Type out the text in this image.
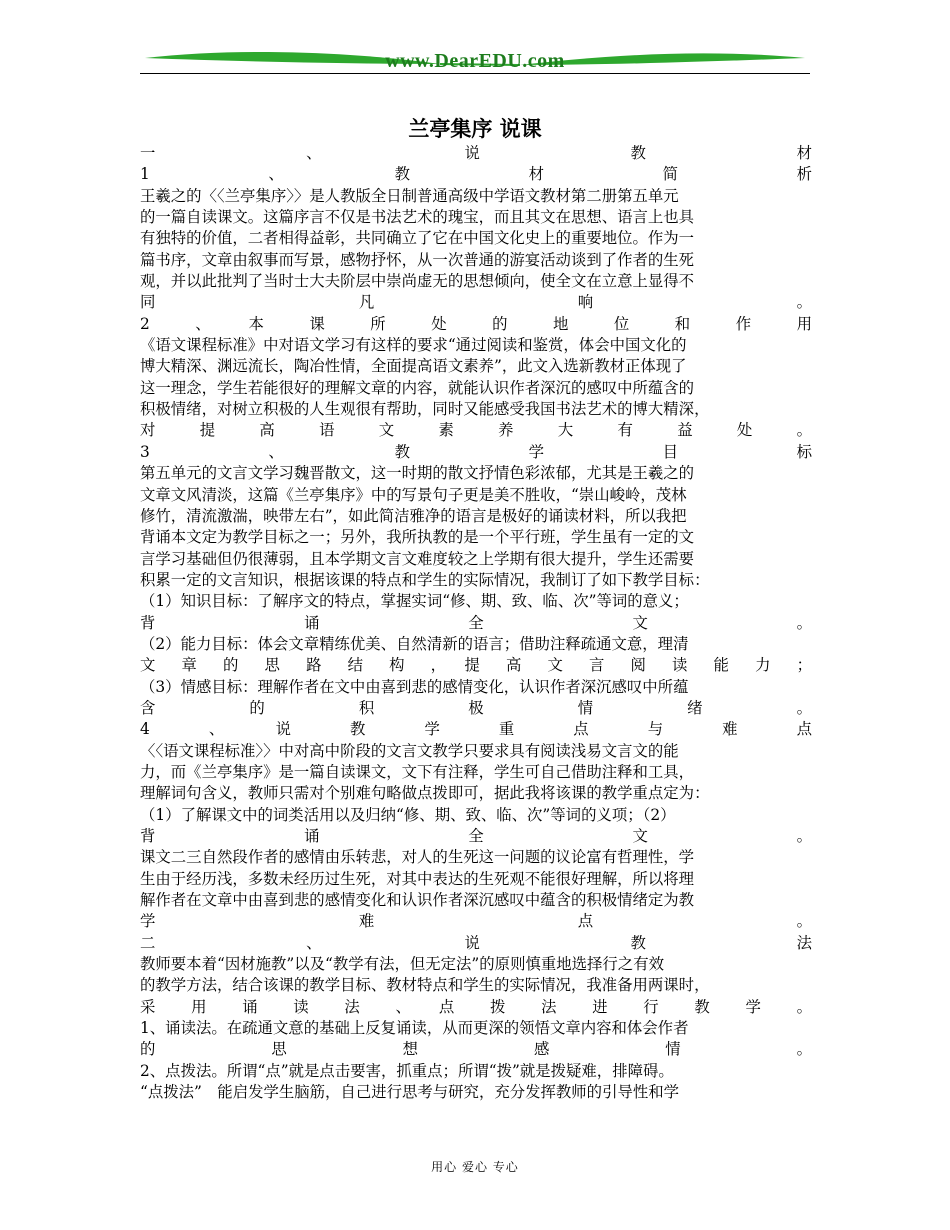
www.DearEDU.com
兰亭集序 说课
一　　　　　、　　　　　说　　　　　教　　　　　材
1　　　　、　　　　教　　　　材　　　　简　　　　析
王羲之的〈〈兰亭集序〉〉是人教版全日制普通高级中学语文教材第二册第五单元
的一篇自读课文。这篇序言不仅是书法艺术的瑰宝，而且其文在思想、语言上也具
有独特的价值，二者相得益彰，共同确立了它在中国文化史上的重要地位。作为一
篇书序，文章由叙事而写景，感物抒怀，从一次普通的游宴活动谈到了作者的生死
观，并以此批判了当时士大夫阶层中崇尚虚无的思想倾向，使全文在立意上显得不
同　　　　　　凡　　　　　　响　　　　　　。
2　、　本　课　所　处　的　地　位　和　作　用
《语文课程标准》中对语文学习有这样的要求“通过阅读和鉴赏，体会中国文化的
博大精深、渊远流长，陶冶性情，全面提高语文素养”，此文入选新教材正体现了
这一理念，学生若能很好的理解文章的内容，就能认识作者深沉的感叹中所蕴含的
积极情绪，对树立积极的人生观很有帮助，同时又能感受我国书法艺术的博大精深，
对　提　高　语　文　素　养　大　有　益　处　。
3　　　　、　　　　教　　　　学　　　　目　　　　标
第五单元的文言文学习魏晋散文，这一时期的散文抒情色彩浓郁，尤其是王羲之的
文章文风清淡，这篇《兰亭集序》中的写景句子更是美不胜收，“崇山峻岭，茂林
修竹，清流激湍，映带左右”，如此简洁雅净的语言是极好的诵读材料，所以我把
背诵本文定为教学目标之一；另外，我所执教的是一个平行班，学生虽有一定的文
言学习基础但仍很薄弱，且本学期文言文难度较之上学期有很大提升，学生还需要
积累一定的文言知识，根据该课的特点和学生的实际情况，我制订了如下教学目标：
（1）知识目标：了解序文的特点，掌握实词“修、期、致、临、次”等词的意义；
背　　　　　诵　　　　　全　　　　　文　　　　　。
（2）能力目标：体会文章精练优美、自然清新的语言；借助注释疏通文意，理清
文　章　的　思　路　结　构　，　提　高　文　言　阅　读　能　力　；
（3）情感目标：理解作者在文中由喜到悲的感情变化，认识作者深沉感叹中所蕴
含　　　　的　　　　积　　　　极　　　　情　　　　绪　　　　。
4　　、　　说　　教　　学　　重　　点　　与　　难　　点
〈〈语文课程标准〉〉中对高中阶段的文言文教学只要求具有阅读浅易文言文的能
力，而《兰亭集序》是一篇自读课文，文下有注释，学生可自己借助注释和工具，
理解词句含义，教师只需对个别难句略做点拨即可，据此我将该课的教学重点定为：
（1）了解课文中的词类活用以及归纳“修、期、致、临、次”等词的义项；（2）
背　　　　　诵　　　　　全　　　　　文　　　　　。
课文二三自然段作者的感情由乐转悲，对人的生死这一问题的议论富有哲理性，学
生由于经历浅，多数未经历过生死，对其中表达的生死观不能很好理解，所以将理
解作者在文章中由喜到悲的感情变化和认识作者深沉感叹中蕴含的积极情绪定为教
学　　　　　　难　　　　　　点　　　　　　。
二　　　　　、　　　　　说　　　　　教　　　　　法
教师要本着“因材施教”以及“教学有法，但无定法”的原则慎重地选择行之有效
的教学方法，结合该课的教学目标、教材特点和学生的实际情况，我准备用两课时，
采　用　诵　读　法　、　点　拨　法　进　行　教　学　。
1、诵读法。在疏通文意的基础上反复诵读，从而更深的领悟文章内容和体会作者
的　　　　　思　　　　　想　　　　　感　　　　　情　　　　　。
2、点拨法。所谓“点”就是点击要害，抓重点；所谓“拨”就是拨疑难，排障碍。
“点拨法”　能启发学生脑筋，自己进行思考与研究，充分发挥教师的引导性和学
用心 爱心 专心
